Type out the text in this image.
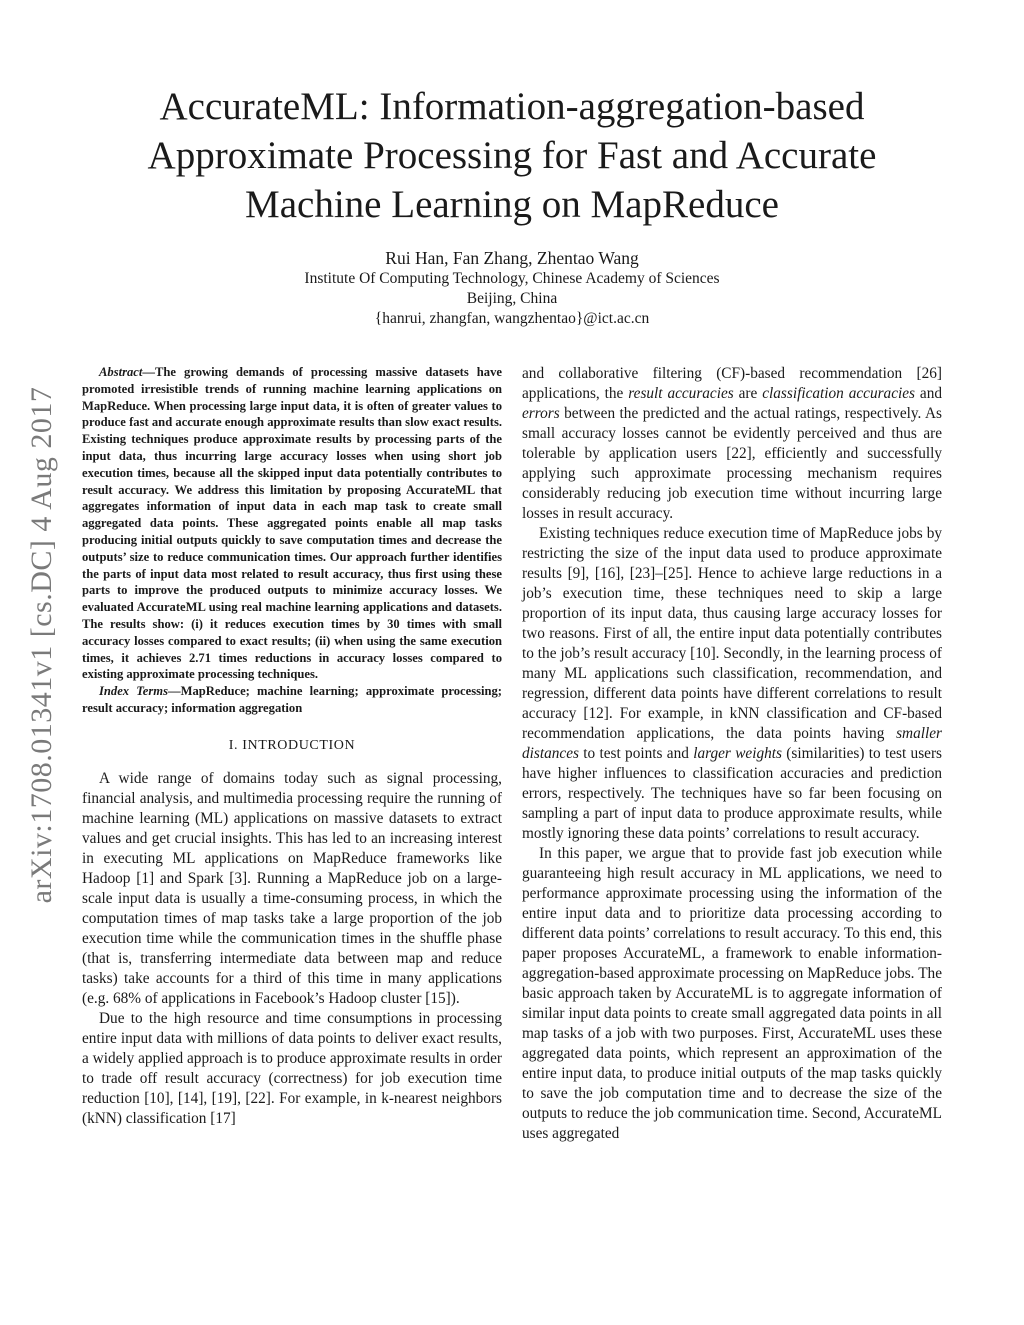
arXiv:1708.01341v1 [cs.DC] 4 Aug 2017
AccurateML: Information-aggregation-based
Approximate Processing for Fast and Accurate
Machine Learning on MapReduce
Rui Han, Fan Zhang, Zhentao Wang
Institute Of Computing Technology, Chinese Academy of Sciences
Beijing, China
{hanrui, zhangfan, wangzhentao}@ict.ac.cn

Abstract—The growing demands of processing massive datasets have promoted irresistible trends of running machine learning applications on MapReduce. When processing large input data, it is often of greater values to produce fast and accurate enough approximate results than slow exact results. Existing techniques produce approximate results by processing parts of the input data, thus incurring large accuracy losses when using short job execution times, because all the skipped input data potentially contributes to result accuracy. We address this limitation by proposing AccurateML that aggregates information of input data in each map task to create small aggregated data points. These aggregated points enable all map tasks producing initial outputs quickly to save computation times and decrease the outputs’ size to reduce communication times. Our approach further identifies the parts of input data most related to result accuracy, thus first using these parts to improve the produced outputs to minimize accuracy losses. We evaluated AccurateML using real machine learning applications and datasets. The results show: (i) it reduces execution times by 30 times with small accuracy losses compared to exact results; (ii) when using the same execution times, it achieves 2.71 times reductions in accuracy losses compared to existing approximate processing techniques.

Index Terms—MapReduce; machine learning; approximate processing; result accuracy; information aggregation

I. INTRODUCTION

A wide range of domains today such as signal processing, financial analysis, and multimedia processing require the running of machine learning (ML) applications on massive datasets to extract values and get crucial insights. This has led to an increasing interest in executing ML applications on MapReduce frameworks like Hadoop [1] and Spark [3]. Running a MapReduce job on a large-scale input data is usually a time-consuming process, in which the computation times of map tasks take a large proportion of the job execution time while the communication times in the shuffle phase (that is, transferring intermediate data between map and reduce tasks) take accounts for a third of this time in many applications (e.g. 68% of applications in Facebook’s Hadoop cluster [15]).

Due to the high resource and time consumptions in processing entire input data with millions of data points to deliver exact results, a widely applied approach is to produce approximate results in order to trade off result accuracy (correctness) for job execution time reduction [10], [14], [19], [22]. For example, in k-nearest neighbors (kNN) classification [17]

and collaborative filtering (CF)-based recommendation [26] applications, the result accuracies are classification accuracies and errors between the predicted and the actual ratings, respectively. As small accuracy losses cannot be evidently perceived and thus are tolerable by application users [22], efficiently and successfully applying such approximate processing mechanism requires considerably reducing job execution time without incurring large losses in result accuracy.

Existing techniques reduce execution time of MapReduce jobs by restricting the size of the input data used to produce approximate results [9], [16], [23]–[25]. Hence to achieve large reductions in a job’s execution time, these techniques need to skip a large proportion of its input data, thus causing large accuracy losses for two reasons. First of all, the entire input data potentially contributes to the job’s result accuracy [10]. Secondly, in the learning process of many ML applications such classification, recommendation, and regression, different data points have different correlations to result accuracy [12]. For example, in kNN classification and CF-based recommendation applications, the data points having smaller distances to test points and larger weights (similarities) to test users have higher influences to classification accuracies and prediction errors, respectively. The techniques have so far been focusing on sampling a part of input data to produce approximate results, while mostly ignoring these data points’ correlations to result accuracy.

In this paper, we argue that to provide fast job execution while guaranteeing high result accuracy in ML applications, we need to performance approximate processing using the information of the entire input data and to prioritize data processing according to different data points’ correlations to result accuracy. To this end, this paper proposes AccurateML, a framework to enable information-aggregation-based approximate processing on MapReduce jobs. The basic approach taken by AccurateML is to aggregate information of similar input data points to create small aggregated data points in all map tasks of a job with two purposes. First, AccurateML uses these aggregated data points, which represent an approximation of the entire input data, to produce initial outputs of the map tasks quickly to save the job computation time and to decrease the size of the outputs to reduce the job communication time. Second, AccurateML uses aggregated
